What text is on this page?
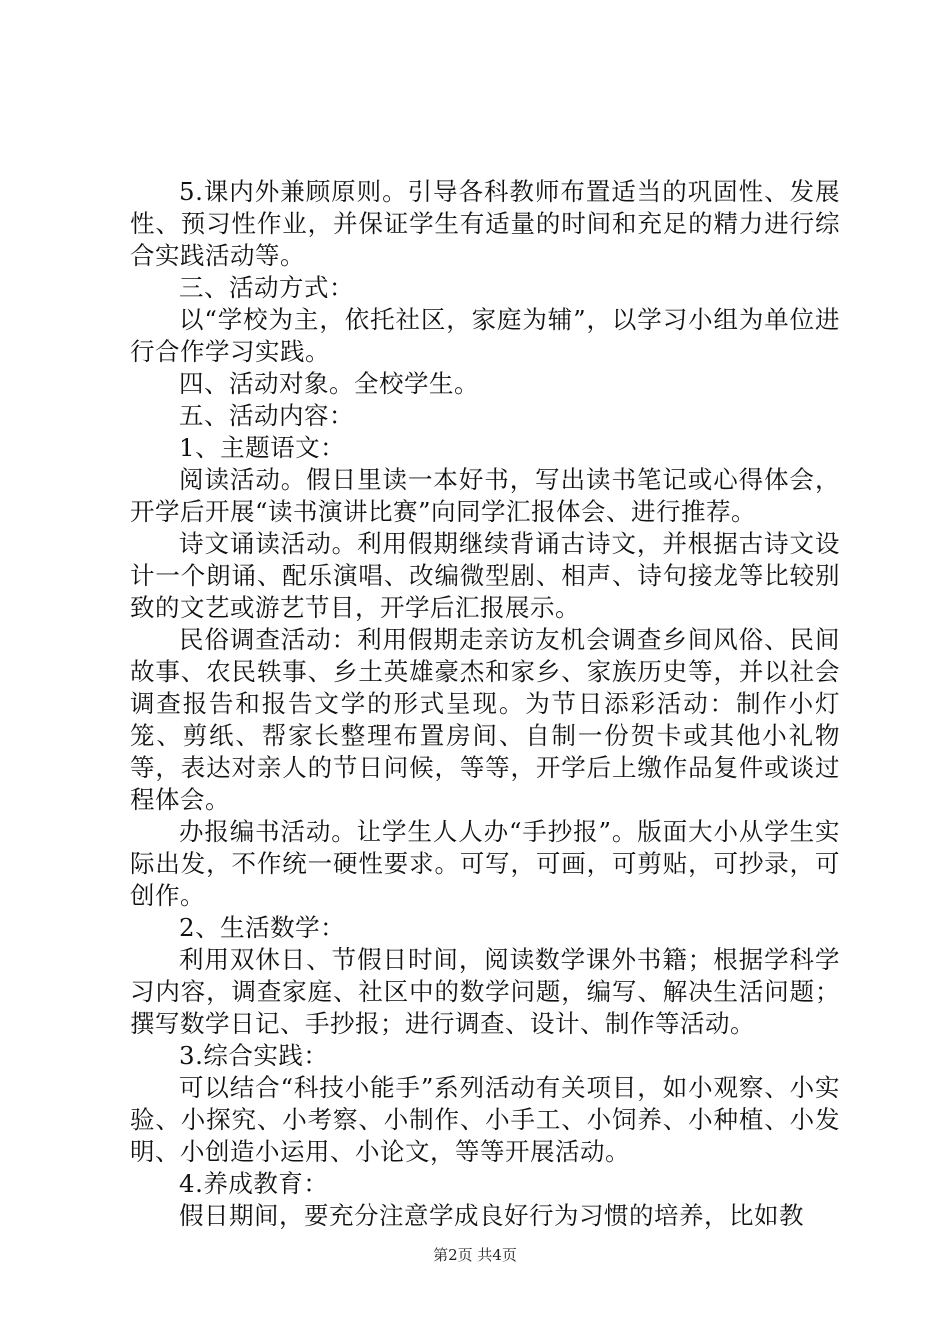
5.课内外兼顾原则。引导各科教师布置适当的巩固性、发展性、预习性作业，并保证学生有适量的时间和充足的精力进行综合实践活动等。

三、活动方式：

以“学校为主，依托社区，家庭为辅”，以学习小组为单位进行合作学习实践。

四、活动对象。全校学生。

五、活动内容：

1、主题语文：

阅读活动。假日里读一本好书，写出读书笔记或心得体会，开学后开展“读书演讲比赛”向同学汇报体会、进行推荐。

诗文诵读活动。利用假期继续背诵古诗文，并根据古诗文设计一个朗诵、配乐演唱、改编微型剧、相声、诗句接龙等比较别致的文艺或游艺节目，开学后汇报展示。

民俗调查活动：利用假期走亲访友机会调查乡间风俗、民间故事、农民轶事、乡土英雄豪杰和家乡、家族历史等，并以社会调查报告和报告文学的形式呈现。为节日添彩活动：制作小灯笼、剪纸、帮家长整理布置房间、自制一份贺卡或其他小礼物等，表达对亲人的节日问候，等等，开学后上缴作品复件或谈过程体会。

办报编书活动。让学生人人办“手抄报”。版面大小从学生实际出发，不作统一硬性要求。可写，可画，可剪贴，可抄录，可创作。

2、生活数学：

利用双休日、节假日时间，阅读数学课外书籍；根据学科学习内容，调查家庭、社区中的数学问题，编写、解决生活问题；撰写数学日记、手抄报；进行调查、设计、制作等活动。

3.综合实践：

可以结合“科技小能手”系列活动有关项目，如小观察、小实验、小探究、小考察、小制作、小手工、小饲养、小种植、小发明、小创造小运用、小论文，等等开展活动。

4.养成教育：

假日期间，要充分注意学成良好行为习惯的培养，比如教

第2页 共4页
